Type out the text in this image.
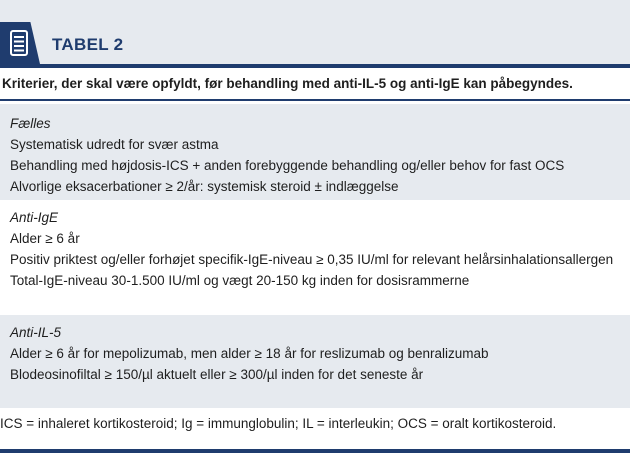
TABEL 2
Kriterier, der skal være opfyldt, før behandling med anti-IL-5 og anti-IgE kan påbegyndes.
Fælles
Systematisk udredt for svær astma
Behandling med højdosis-ICS + anden forebyggende behandling og/eller behov for fast OCS
Alvorlige eksacerbationer ≥ 2/år: systemisk steroid ± indlæggelse
Anti-IgE
Alder ≥ 6 år
Positiv priktest og/eller forhøjet specifik-IgE-niveau ≥ 0,35 IU/ml for relevant helårsinhalationsallergen
Total-IgE-niveau 30-1.500 IU/ml og vægt 20-150 kg inden for dosisrammerne
Anti-IL-5
Alder ≥ 6 år for mepolizumab, men alder ≥ 18 år for reslizumab og benralizumab
Blodeosinofiltal ≥ 150/µl aktuelt eller ≥ 300/µl inden for det seneste år
ICS = inhaleret kortikosteroid; Ig = immunglobulin; IL = interleukin; OCS = oralt kortikosteroid.
